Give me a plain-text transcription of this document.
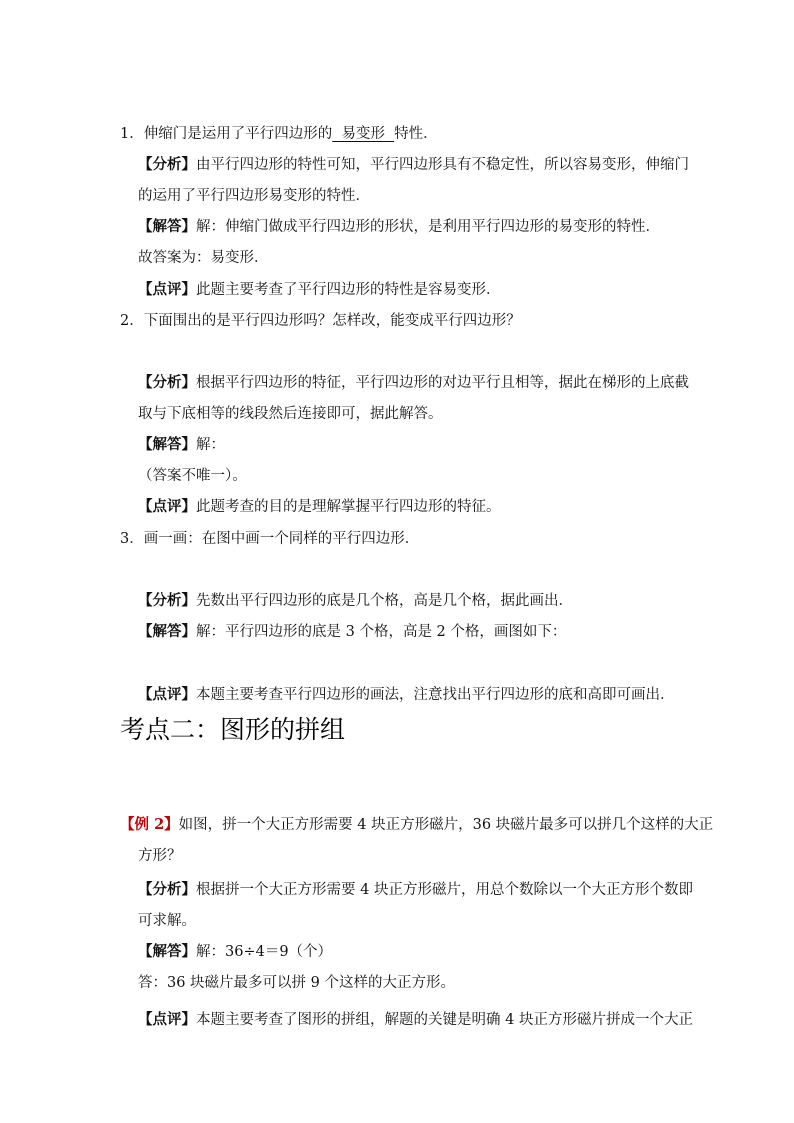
1．伸缩门是运用了平行四边形的  易变形  特性．
【分析】由平行四边形的特性可知，平行四边形具有不稳定性，所以容易变形，伸缩门
的运用了平行四边形易变形的特性．
【解答】解：伸缩门做成平行四边形的形状，是利用平行四边形的易变形的特性．
故答案为：易变形．
【点评】此题主要考查了平行四边形的特性是容易变形．
2．下面围出的是平行四边形吗？怎样改，能变成平行四边形？
【分析】根据平行四边形的特征，平行四边形的对边平行且相等，据此在梯形的上底截
取与下底相等的线段然后连接即可，据此解答。
【解答】解：
（答案不唯一）。
【点评】此题考查的目的是理解掌握平行四边形的特征。
3．画一画：在图中画一个同样的平行四边形．
【分析】先数出平行四边形的底是几个格，高是几个格，据此画出．
【解答】解：平行四边形的底是 3 个格，高是 2 个格，画图如下：
【点评】本题主要考查平行四边形的画法，注意找出平行四边形的底和高即可画出．
考点二：图形的拼组
【例 2】如图，拼一个大正方形需要 4 块正方形磁片，36 块磁片最多可以拼几个这样的大正
方形？
【分析】根据拼一个大正方形需要 4 块正方形磁片，用总个数除以一个大正方形个数即
可求解。
【解答】解：36÷4＝9（个）
答：36 块磁片最多可以拼 9 个这样的大正方形。
【点评】本题主要考查了图形的拼组，解题的关键是明确 4 块正方形磁片拼成一个大正
